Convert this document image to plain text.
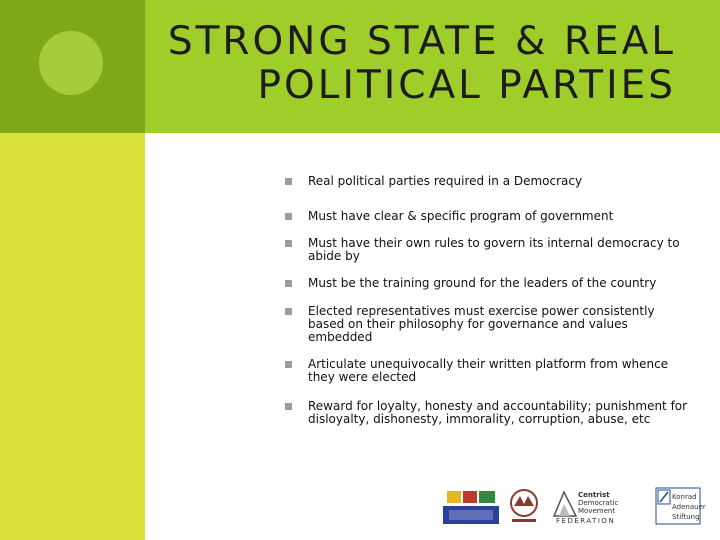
STRONG STATE & REAL
POLITICAL PARTIES
Real political parties required in a Democracy
Must have clear & specific program of government
Must have their own rules to govern its internal democracy to abide by
Must be the training ground for the leaders of the country
Elected representatives must exercise power consistently based on their philosophy for governance and values embedded
Articulate unequivocally their written platform from whence they were elected
Reward for loyalty, honesty and accountability; punishment for disloyalty, dishonesty, immorality, corruption, abuse, etc
Centrist
Democratic
Movement
FEDERATION
Konrad
Adenauer
Stiftung
